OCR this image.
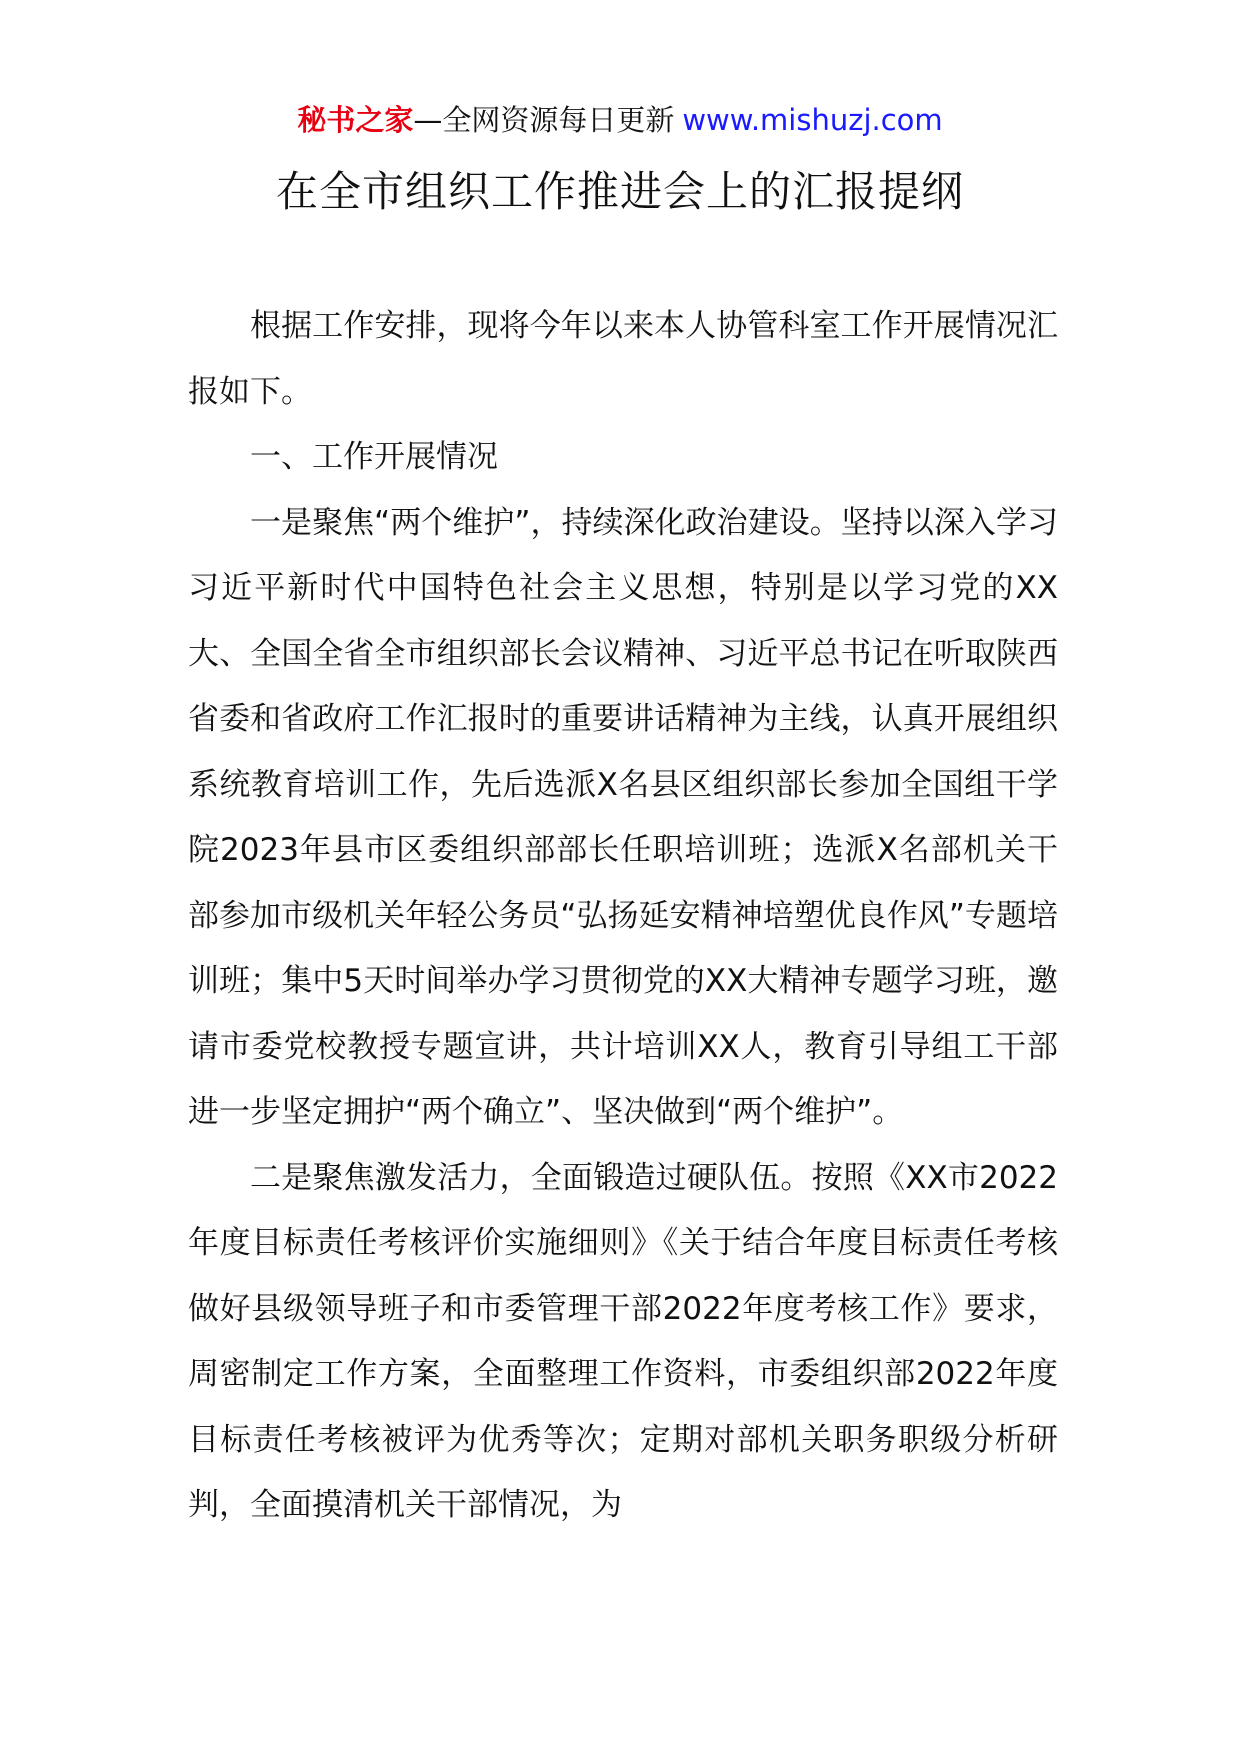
秘书之家—全网资源每日更新 www.mishuzj.com
在全市组织工作推进会上的汇报提纲

根据工作安排，现将今年以来本人协管科室工作开展情况汇报如下。

一、工作开展情况

一是聚焦“两个维护”，持续深化政治建设。坚持以深入学习习近平新时代中国特色社会主义思想，特别是以学习党的XX大、全国全省全市组织部长会议精神、习近平总书记在听取陕西省委和省政府工作汇报时的重要讲话精神为主线，认真开展组织系统教育培训工作，先后选派X名县区组织部长参加全国组干学院2023年县市区委组织部部长任职培训班；选派X名部机关干部参加市级机关年轻公务员“弘扬延安精神培塑优良作风”专题培训班；集中5天时间举办学习贯彻党的XX大精神专题学习班，邀请市委党校教授专题宣讲，共计培训XX人，教育引导组工干部进一步坚定拥护“两个确立”、坚决做到“两个维护”。

二是聚焦激发活力，全面锻造过硬队伍。按照《XX市2022年度目标责任考核评价实施细则》《关于结合年度目标责任考核做好县级领导班子和市委管理干部2022年度考核工作》要求，周密制定工作方案，全面整理工作资料，市委组织部2022年度目标责任考核被评为优秀等次；定期对部机关职务职级分析研判，全面摸清机关干部情况，为
